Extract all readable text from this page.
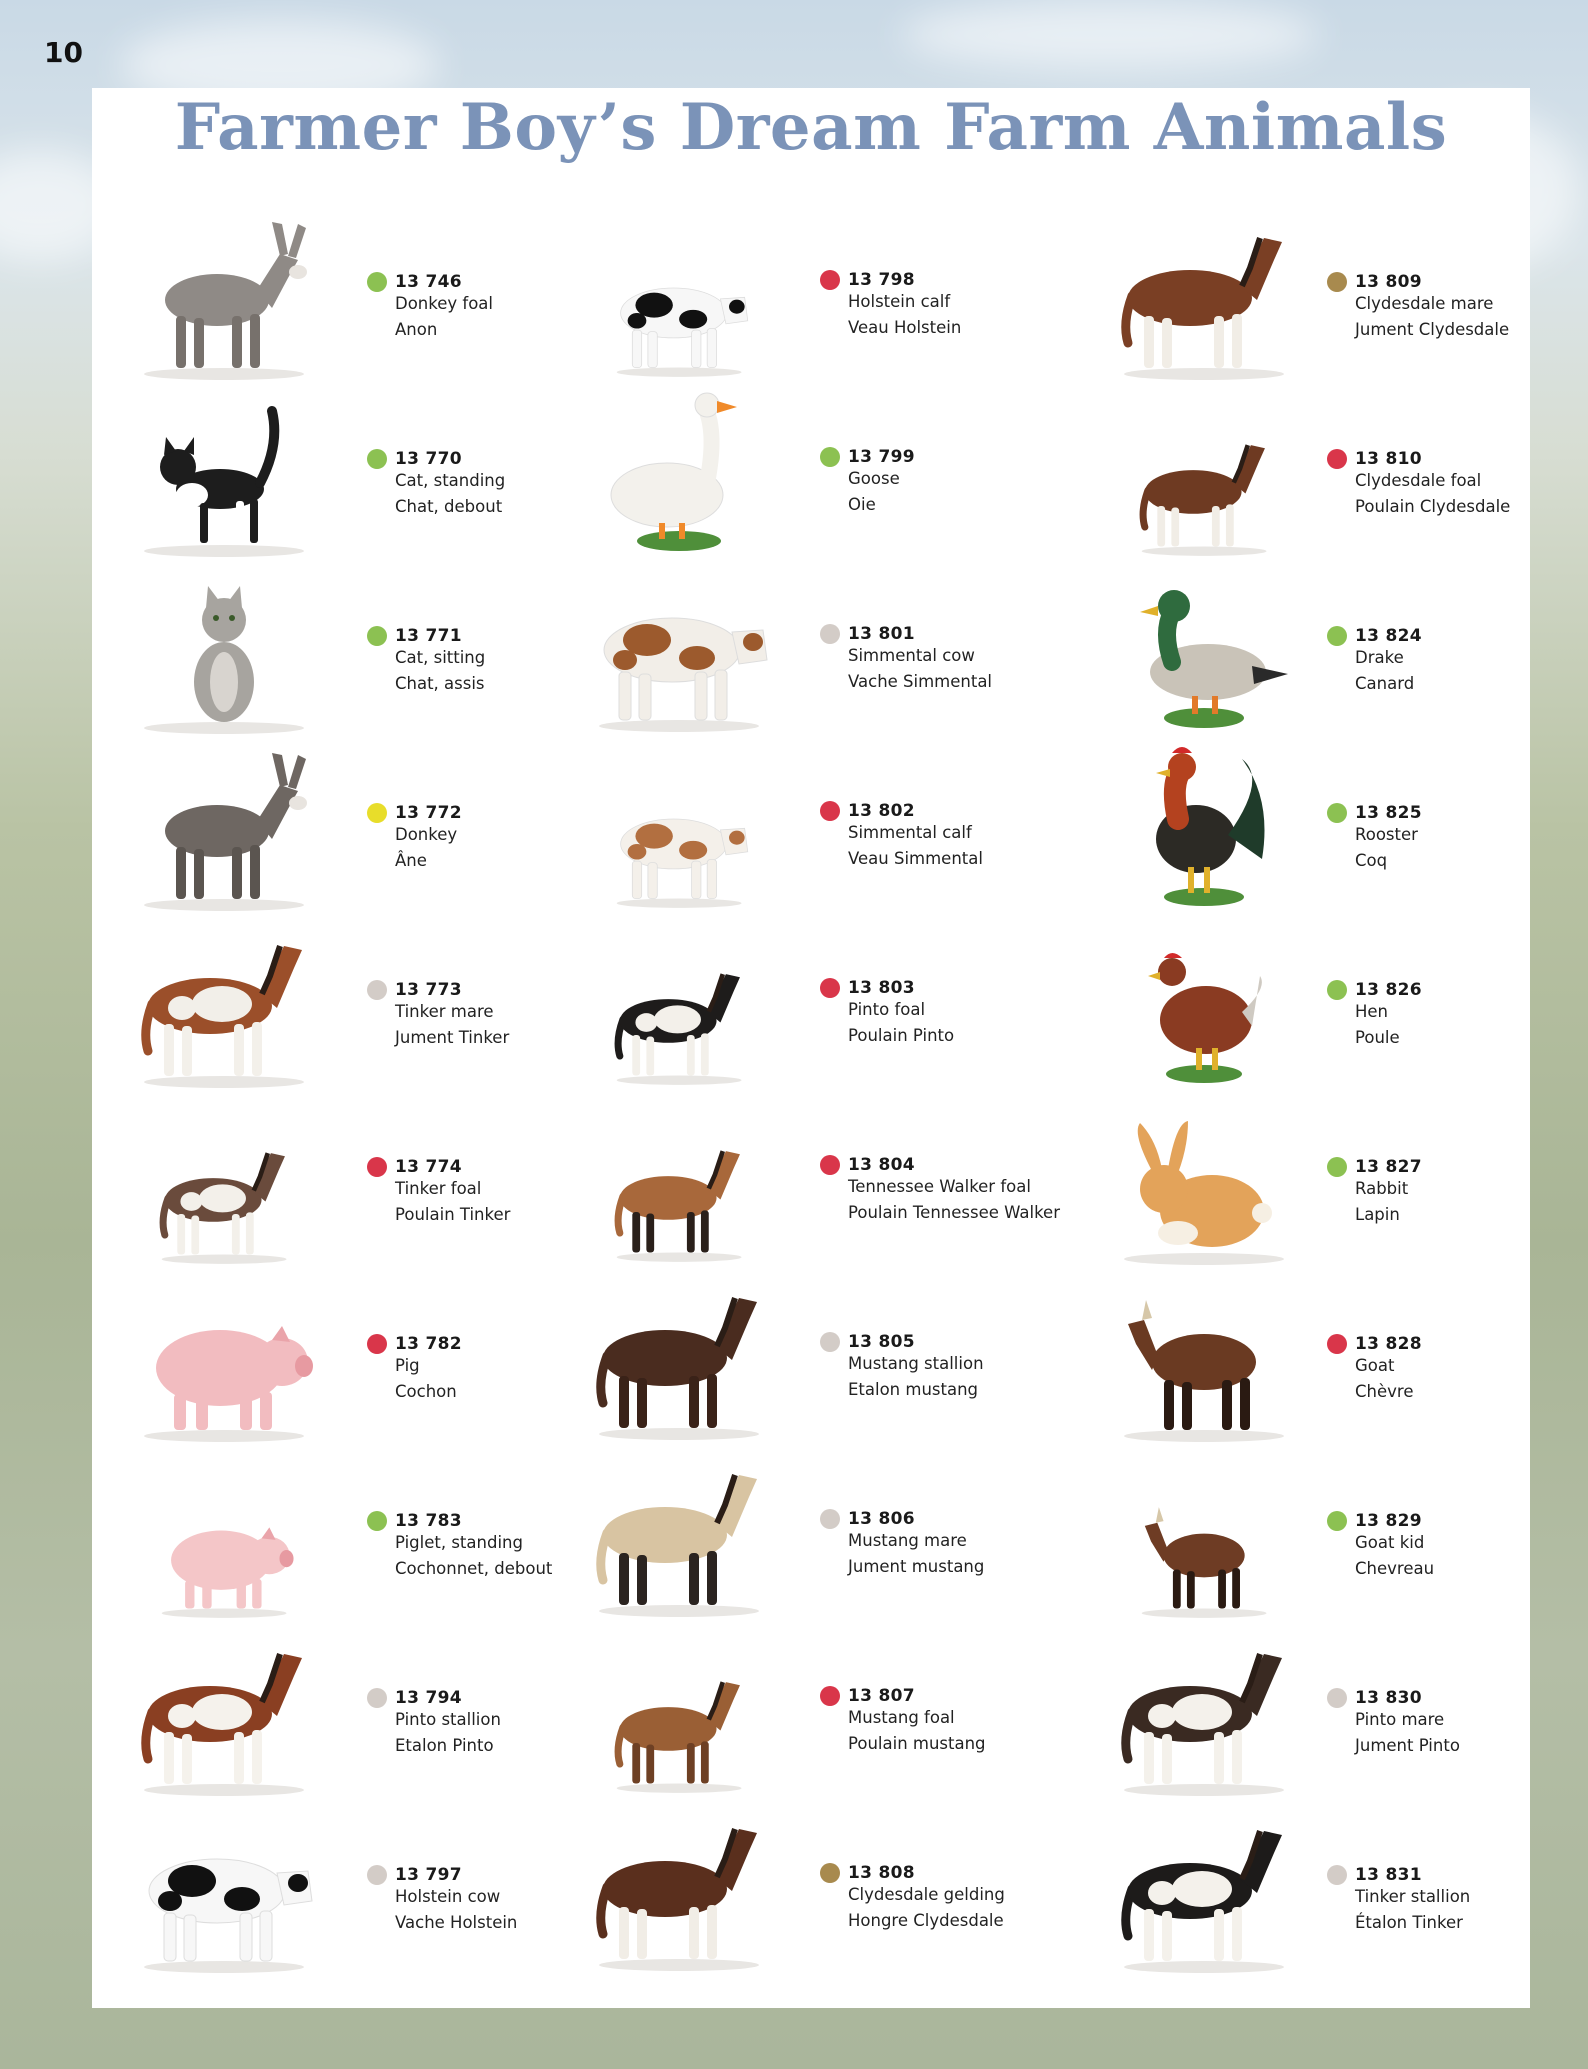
10
Farmer Boy’s Dream Farm Animals
13 746
Donkey foal
Anon
13 770
Cat, standing
Chat, debout
13 771
Cat, sitting
Chat, assis
13 772
Donkey
Âne
13 773
Tinker mare
Jument Tinker
13 774
Tinker foal
Poulain Tinker
13 782
Pig
Cochon
13 783
Piglet, standing
Cochonnet, debout
13 794
Pinto stallion
Etalon Pinto
13 797
Holstein cow
Vache Holstein
13 798
Holstein calf
Veau Holstein
13 799
Goose
Oie
13 801
Simmental cow
Vache Simmental
13 802
Simmental calf
Veau Simmental
13 803
Pinto foal
Poulain Pinto
13 804
Tennessee Walker foal
Poulain Tennessee Walker
13 805
Mustang stallion
Etalon mustang
13 806
Mustang mare
Jument mustang
13 807
Mustang foal
Poulain mustang
13 808
Clydesdale gelding
Hongre Clydesdale
13 809
Clydesdale mare
Jument Clydesdale
13 810
Clydesdale foal
Poulain Clydesdale
13 824
Drake
Canard
13 825
Rooster
Coq
13 826
Hen
Poule
13 827
Rabbit
Lapin
13 828
Goat
Chèvre
13 829
Goat kid
Chevreau
13 830
Pinto mare
Jument Pinto
13 831
Tinker stallion
Étalon Tinker
